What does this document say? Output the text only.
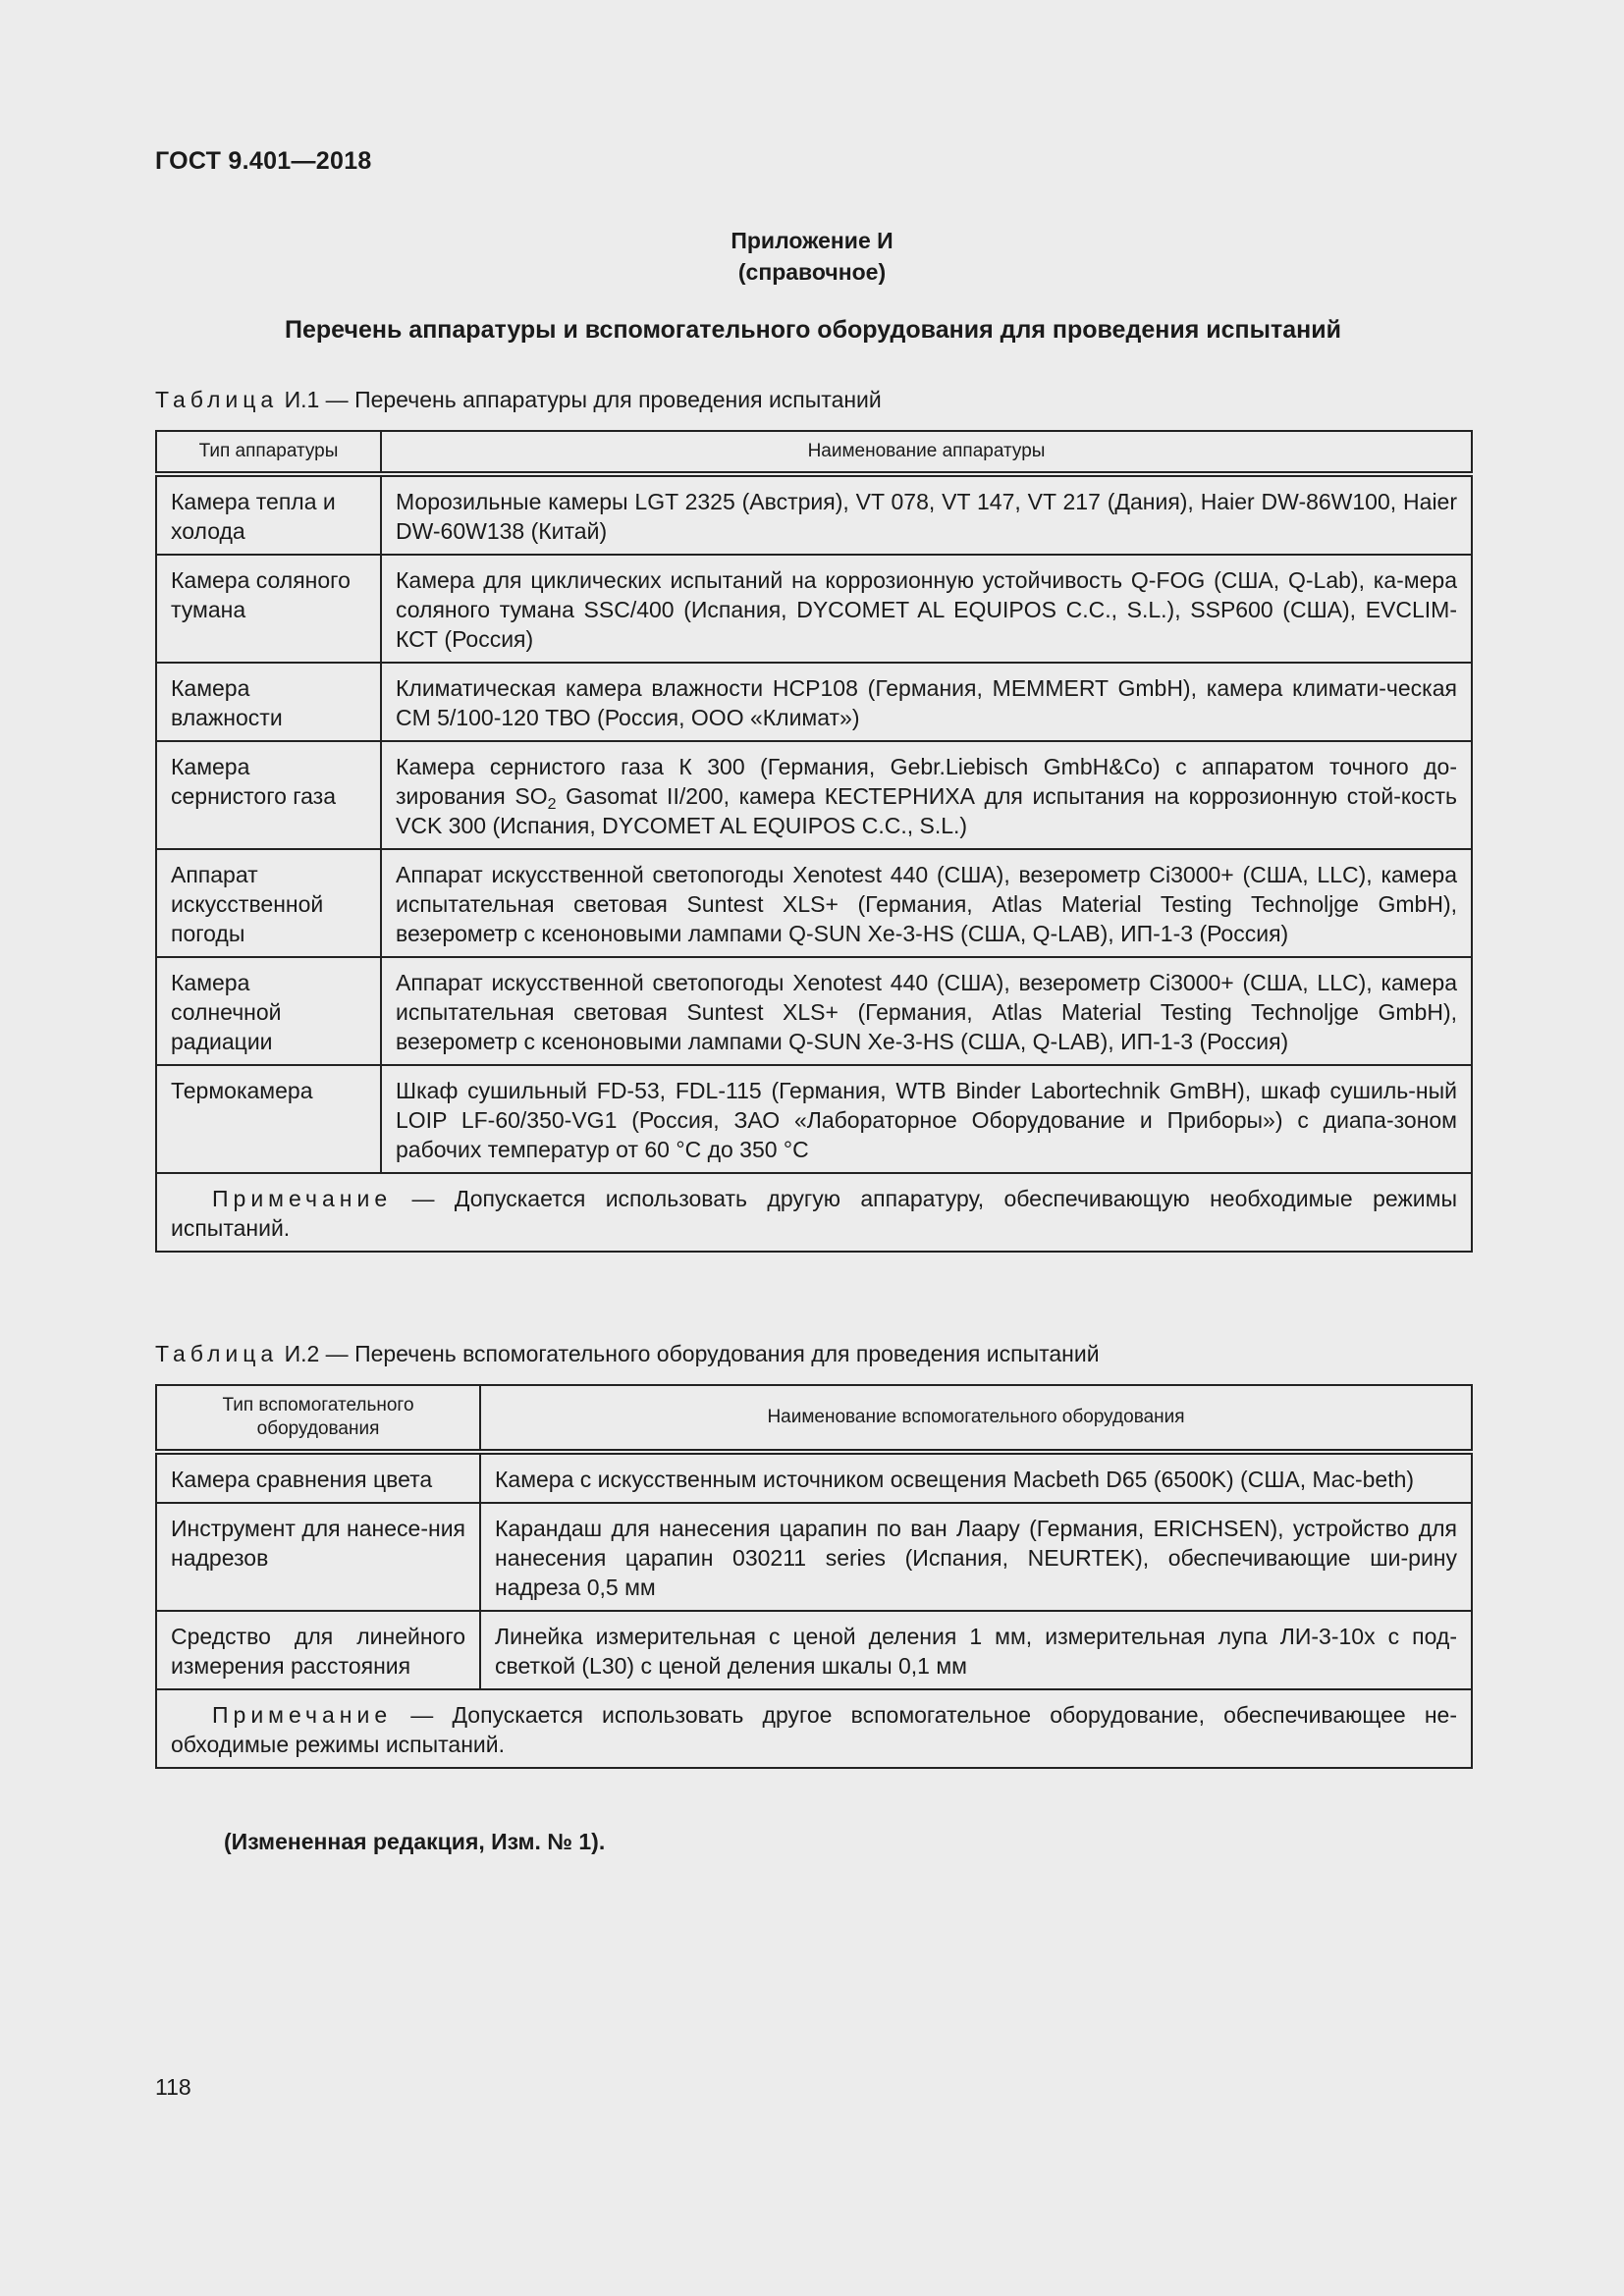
ГОСТ 9.401—2018
Приложение И
(справочное)
Перечень аппаратуры и вспомогательного оборудования для проведения испытаний
Таблица И.1 — Перечень аппаратуры для проведения испытаний
Тип аппаратуры	Наименование аппаратуры
Камера тепла и холода	Морозильные камеры LGT 2325 (Австрия), VT 078, VT 147, VT 217 (Дания), Haier DW-86W100, Haier DW-60W138 (Китай)
Камера соляного тумана	Камера для циклических испытаний на коррозионную устойчивость Q-FOG (США, Q-Lab), ка-мера соляного тумана SSC/400 (Испания, DYCOMET AL EQUIPOS C.C., S.L.), SSP600 (США), EVCLIM-КСТ (Россия)
Камера влажности	Климатическая камера влажности HCP108 (Германия, MEMMERT GmbH), камера климати-ческая CM 5/100-120 ТВО (Россия, ООО «Климат»)
Камера сернистого газа	Камера сернистого газа К 300 (Германия, Gebr.Liebisch GmbH&Co) с аппаратом точного до-зирования $SO_2$ Gasomat II/200, камера КЕСТЕРНИХА для испытания на коррозионную стой-кость VCK 300 (Испания, DYCOMET AL EQUIPOS C.C., S.L.)
Аппарат искусственной погоды	Аппарат искусственной светопогоды Xenotest 440 (США), везерометр Ci3000+ (США, LLC), камера испытательная световая Suntest XLS+ (Германия, Atlas Material Testing Technoljge GmbH), везерометр с ксеноновыми лампами Q-SUN Xe-3-HS (США, Q-LAB), ИП-1-3 (Россия)
Камера солнечной радиации	Аппарат искусственной светопогоды Xenotest 440 (США), везерометр Ci3000+ (США, LLC), камера испытательная световая Suntest XLS+ (Германия, Atlas Material Testing Technoljge GmbH), везерометр с ксеноновыми лампами Q-SUN Xe-3-HS (США, Q-LAB), ИП-1-3 (Россия)
Термокамера	Шкаф сушильный FD-53, FDL-115 (Германия, WTB Binder Labortechnik GmBH), шкаф сушиль-ный LOIP LF-60/350-VG1 (Россия, ЗАО «Лабораторное Оборудование и Приборы») с диапа-зоном рабочих температур от 60 °С до 350 °С
Примечание — Допускается использовать другую аппаратуру, обеспечивающую необходимые режимы испытаний.	
Таблица И.2 — Перечень вспомогательного оборудования для проведения испытаний
Тип вспомогательного оборудования	Наименование вспомогательного оборудования
Камера сравнения цвета	Камера с искусственным источником освещения Macbeth D65 (6500K) (США, Mac-beth)
Инструмент для нанесе-ния надрезов	Карандаш для нанесения царапин по ван Лаару (Германия, ERICHSEN), устройство для нанесения царапин 030211 series (Испания, NEURTEK), обеспечивающие ши-рину надреза 0,5 мм
Средство для линейного измерения расстояния	Линейка измерительная с ценой деления 1 мм, измерительная лупа ЛИ-3-10х с под-светкой (L30) с ценой деления шкалы 0,1 мм
Примечание — Допускается использовать другое вспомогательное оборудование, обеспечивающее не-обходимые режимы испытаний.	
(Измененная редакция, Изм. № 1).
118
